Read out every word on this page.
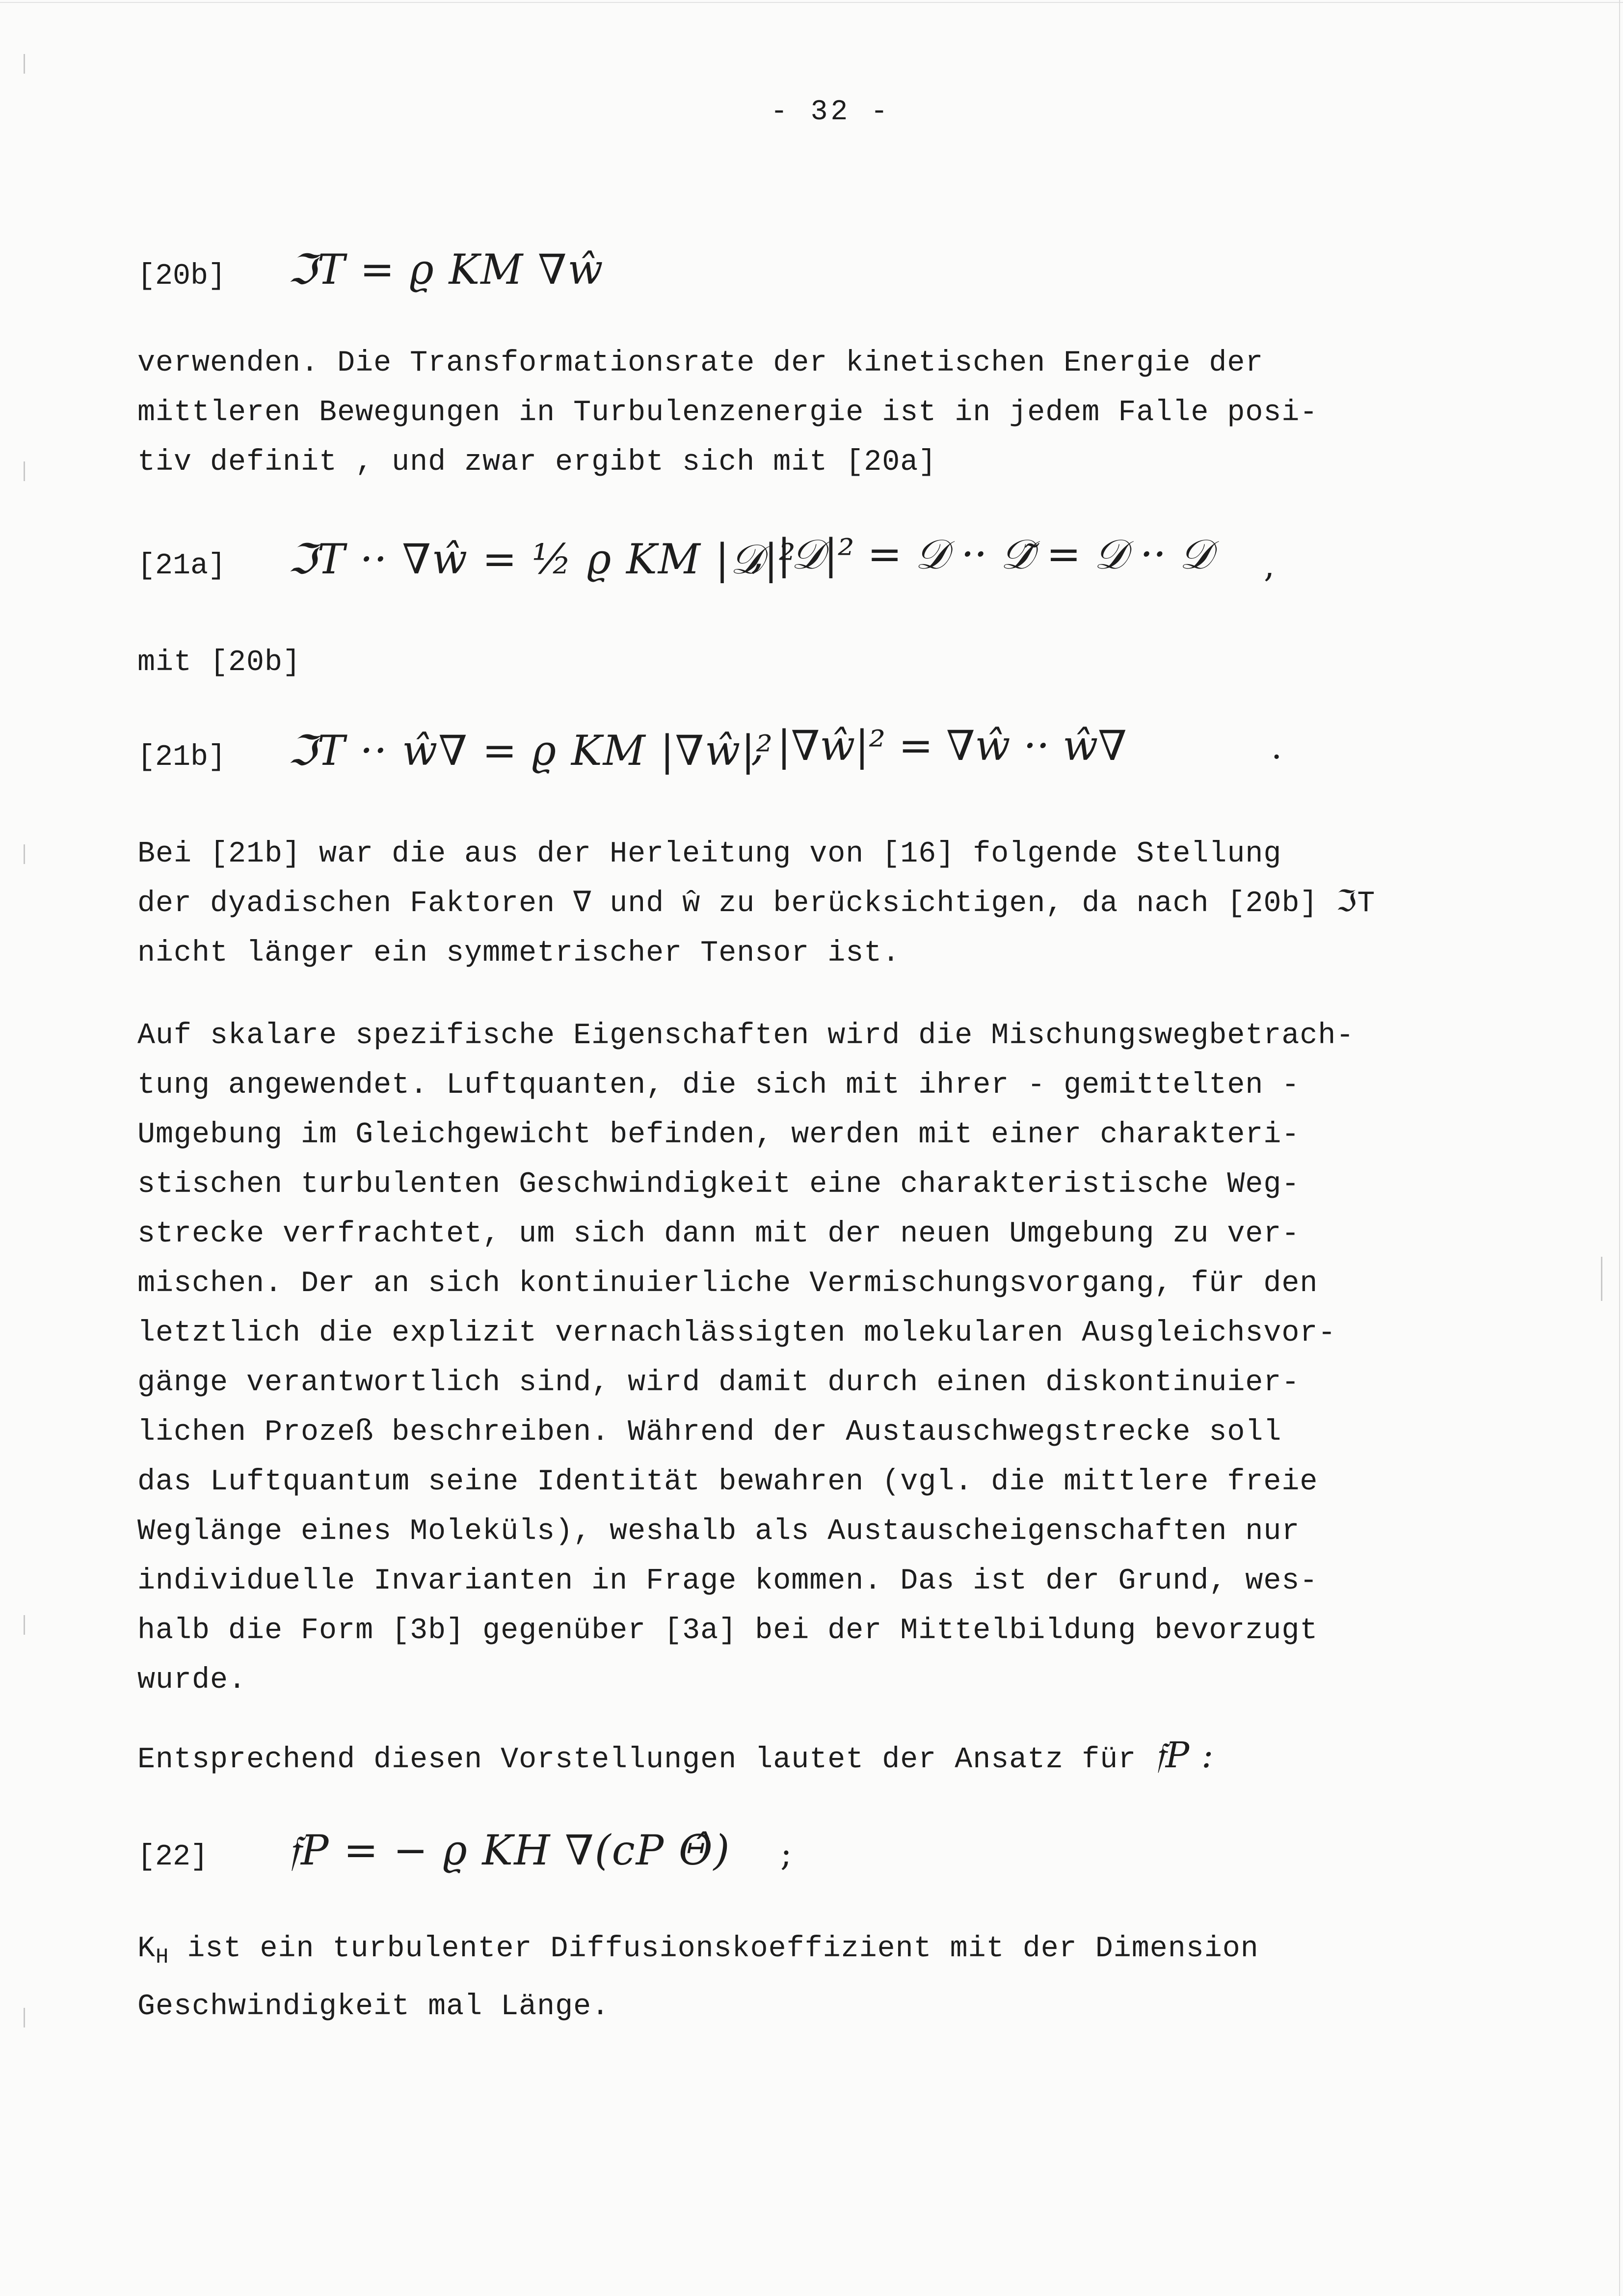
- 32 -
[20b] ℑT = ϱ KM ∇ŵ
verwenden. Die Transformationsrate der kinetischen Energie der
mittleren Bewegungen in Turbulenzenergie ist in jedem Falle posi-
tiv definit , und zwar ergibt sich mit [20a]
[21a] ℑT ·· ∇ŵ = ½ ϱ KM |𝒟|²
, |𝒟|² = 𝒟 ·· 𝒟̃ = 𝒟 ·· 𝒟 ,
mit [20b]
[21b] ℑT ·· ŵ∇ = ϱ KM |∇ŵ|²
, |∇ŵ|² = ∇ŵ ·· ŵ∇	.
Bei [21b] war die aus der Herleitung von [16] folgende Stellung
der dyadischen Faktoren ∇ und ŵ zu berücksichtigen, da nach [20b] ℑT
nicht länger ein symmetrischer Tensor ist.
Auf skalare spezifische Eigenschaften wird die Mischungswegbetrach-
tung angewendet. Luftquanten, die sich mit ihrer - gemittelten -
Umgebung im Gleichgewicht befinden, werden mit einer charakteri-
stischen turbulenten Geschwindigkeit eine charakteristische Weg-
strecke verfrachtet, um sich dann mit der neuen Umgebung zu ver-
mischen. Der an sich kontinuierliche Vermischungsvorgang, für den
letztlich die explizit vernachlässigten molekularen Ausgleichsvor-
gänge verantwortlich sind, wird damit durch einen diskontinuier-
lichen Prozeß beschreiben. Während der Austauschwegstrecke soll
das Luftquantum seine Identität bewahren (vgl. die mittlere freie
Weglänge eines Moleküls), weshalb als Austauscheigenschaften nur
individuelle Invarianten in Frage kommen. Das ist der Grund, wes-
halb die Form [3b] gegenüber [3a] bei der Mittelbildung bevorzugt
wurde.
Entsprechend diesen Vorstellungen lautet der Ansatz für 𝔣P :
[22] 𝔣P = − ϱ KH ∇(cP Θ̂) ;
$K_H$ ist ein turbulenter Diffusionskoeffizient mit der Dimension
Geschwindigkeit mal Länge.
